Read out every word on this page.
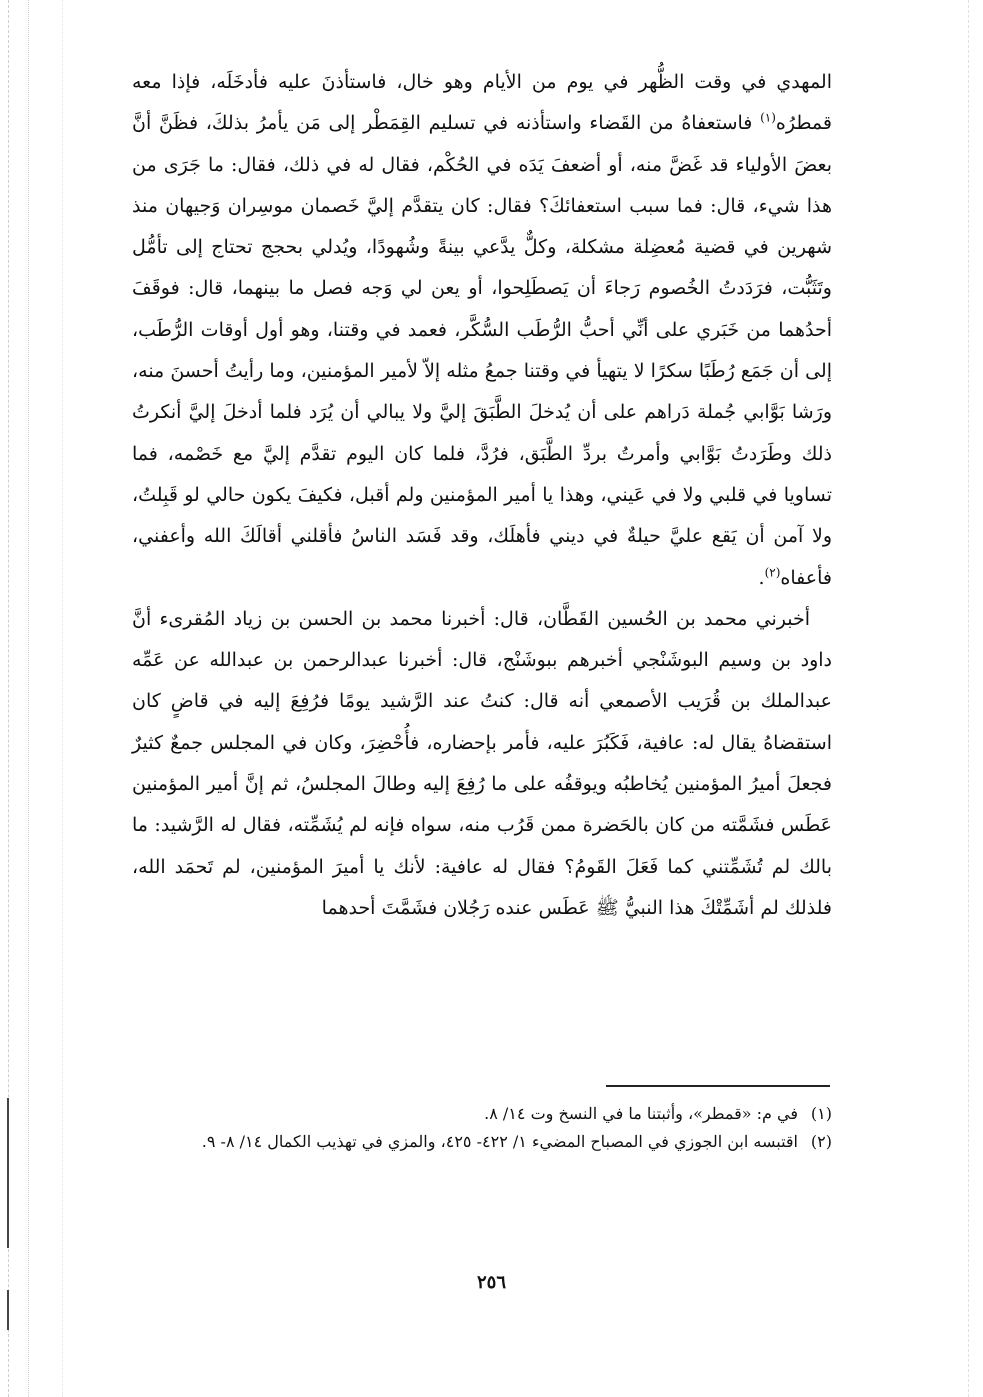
المهدي في وقت الظُّهر في يوم من الأيام وهو خال، فاستأذنَ عليه فأدخَلَه، فإذا معه قمطرُه$^{(١)}$ فاستعفاهُ من القَضاء واستأذنه في تسليم القِمَطْر إلى مَن يأمرُ بذلكَ، فظَنَّ أنَّ بعضَ الأولياء قد غَضَّ منه، أو أضعفَ يَدَه في الحُكْم، فقال له في ذلك، فقال: ما جَرَى من هذا شيء، قال: فما سبب استعفائكَ؟ فقال: كان يتقدَّم إليَّ خَصمان موسِران وَجيهان منذ شهرين في قضية مُعضِلة مشكلة، وكلٌّ يدَّعي بينةً وشُهودًا، ويُدلي بحجج تحتاج إلى تأمُّل وتَثَبُّت، فرَدَدتُ الخُصوم رَجاءَ أن يَصطَلِحوا، أو يعن لي وَجه فصل ما بينهما، قال: فوقَفَ أحدُهما من خَبَري على أنِّي أحبُّ الرُّطَب السُّكَّر، فعمد في وقتنا، وهو أول أوقات الرُّطَب، إلى أن جَمَع رُطَبًا سكرًا لا يتهيأ في وقتنا جمعُ مثله إلاّ لأمير المؤمنين، وما رأيتُ أحسنَ منه، ورَشا بَوَّابي جُملة دَراهم على أن يُدخلَ الطَّبَقَ إليَّ ولا يبالي أن يُرَد فلما أدخلَ إليَّ أنكرتُ ذلك وطَرَدتُ بَوَّابي وأمرتُ بردِّ الطَّبَق، فرُدَّ، فلما كان اليوم تقدَّم إليَّ مع خَصْمه، فما تساويا في قلبي ولا في عَيني، وهذا يا أمير المؤمنين ولم أقبل، فكيفَ يكون حالي لو قَبِلتُ، ولا آمن أن يَقع عليَّ حيلةٌ في ديني فأهلَك، وقد فَسَد الناسُ فأقلني أقالَكَ الله وأعفني، فأعفاه$^{(٢)}$.

أخبرني محمد بن الحُسين القَطَّان، قال: أخبرنا محمد بن الحسن بن زياد المُقرىء أنَّ داود بن وسيم البوشَنْجي أخبرهم ببوشَنْج، قال: أخبرنا عبدالرحمن بن عبدالله عن عَمِّه عبدالملك بن قُرَيب الأصمعي أنه قال: كنتُ عند الرَّشيد يومًا فرُفِعَ إليه في قاضٍ كان استقضاهُ يقال له: عافية، فَكَبُرَ عليه، فأمر بإحضاره، فأُحْضِرَ، وكان في المجلس جمعٌ كثيرٌ فجعلَ أميرُ المؤمنين يُخاطبُه ويوقفُه على ما رُفِعَ إليه وطالَ المجلسُ، ثم إنَّ أمير المؤمنين عَطَس فشَمَّته من كان بالحَضرة ممن قَرُب منه، سواه فإنه لم يُشَمِّته، فقال له الرَّشيد: ما بالك لم تُشَمِّتني كما فَعَلَ القَومُ؟ فقال له عافية: لأنك يا أميرَ المؤمنين، لم تَحمَد الله، فلذلك لم أشَمِّتْكَ هذا النبيُّ ﷺ عَطَس عنده رَجُلان فشَمَّتَ أحدهما

(١)
في م: «قمطر»، وأثبتنا ما في النسخ وت ١٤/ ٨.
(٢)
اقتبسه ابن الجوزي في المصباح المضيء ١/ ٤٢٢- ٤٢٥، والمزي في تهذيب الكمال ١٤/ ٨- ٩.
٢٥٦
